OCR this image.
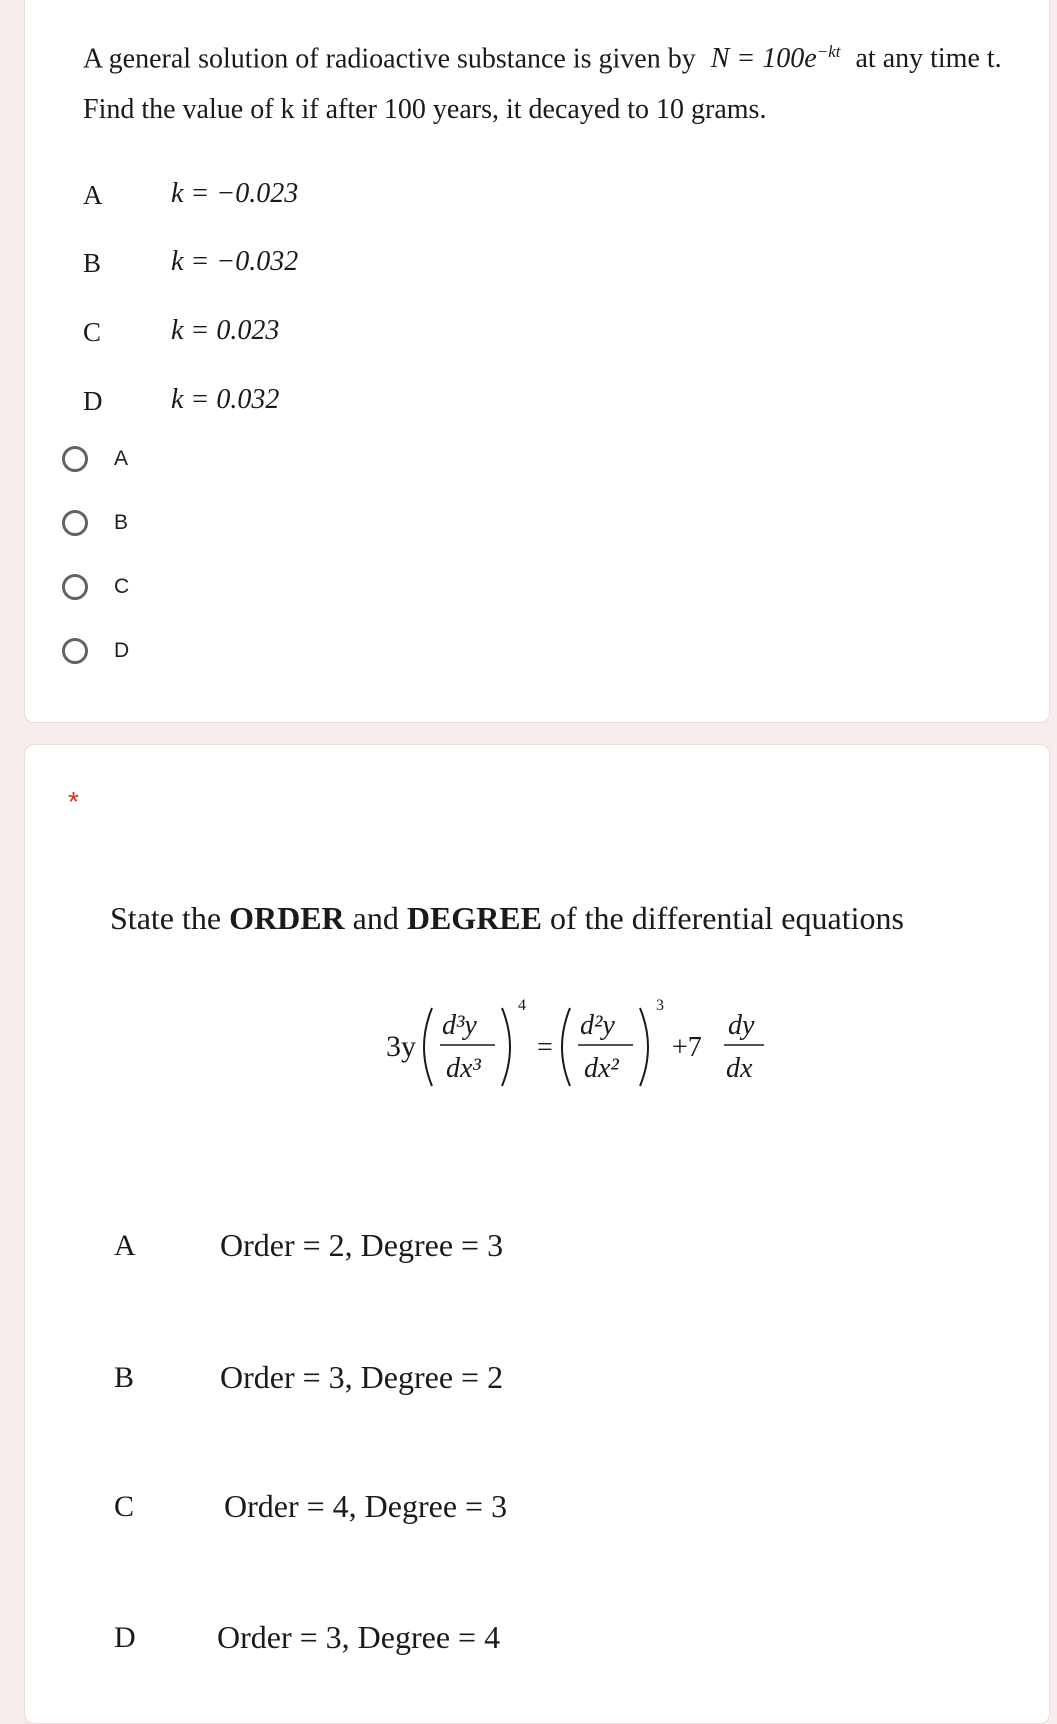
A general solution of radioactive substance is given by $N = 100e^{-kt}$ at any time t.
Find the value of k if after 100 years, it decayed to 10 grams.
A k = −0.023
B k = −0.032
C k = 0.023
D k = 0.032
A
B
C
D
*
State the ORDER and DEGREE of the differential equations
3y
d³y
dx³
4
=
d²y
dx²
3
+7
dy
dx
A	Order = 2, Degree = 3
B	Order = 3, Degree = 2
C	Order = 4, Degree = 3
D	Order = 3, Degree = 4
